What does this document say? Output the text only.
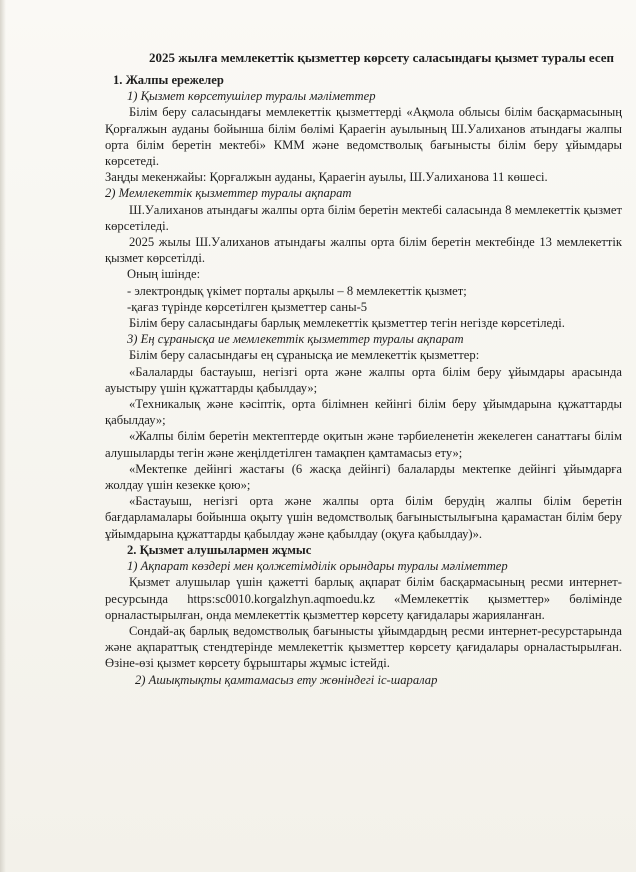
2025 жылға мемлекеттік қызметтер көрсету саласындағы қызмет туралы есеп
1. Жалпы ережелер
1) Қызмет көрсетушілер туралы мәліметтер

Білім беру саласындағы мемлекеттік қызметтерді «Ақмола облысы білім басқармасының Қорғалжын ауданы бойынша білім бөлімі Қараегін ауылының Ш.Уалиханов атындағы жалпы орта білім беретін мектебі» КММ және ведомстволық бағынысты білім беру ұйымдары көрсетеді.

Заңды мекенжайы: Қорғалжын ауданы, Қараегін ауылы, Ш.Уалиханова 11 көшесі.

2) Мемлекеттік қызметтер туралы ақпарат

Ш.Уалиханов атындағы жалпы орта білім беретін мектебі саласында 8 мемлекеттік қызмет көрсетіледі.

2025 жылы Ш.Уалиханов атындағы жалпы орта білім беретін мектебінде 13 мемлекеттік қызмет көрсетілді.

Оның ішінде:

- электрондық үкімет порталы арқылы – 8 мемлекеттік қызмет;

-қағаз түрінде көрсетілген қызметтер саны-5

Білім беру саласындағы барлық мемлекеттік қызметтер тегін негізде көрсетіледі.

3) Ең сұранысқа ие мемлекеттік қызметтер туралы ақпарат

Білім беру саласындағы ең сұранысқа ие мемлекеттік қызметтер:

«Балаларды бастауыш, негізгі орта және жалпы орта білім беру ұйымдары арасында ауыстыру үшін құжаттарды қабылдау»;

«Техникалық және кәсіптік, орта білімнен кейінгі білім беру ұйымдарына құжаттарды қабылдау»;

«Жалпы білім беретін мектептерде оқитын және тәрбиеленетін жекелеген санаттағы білім алушыларды тегін және жеңілдетілген тамақпен қамтамасыз ету»;

«Мектепке дейінгі жастағы (6 жасқа дейінгі) балаларды мектепке дейінгі ұйымдарға жолдау үшін кезекке қою»;

«Бастауыш, негізгі орта және жалпы орта білім берудің жалпы білім беретін бағдарламалары бойынша оқыту үшін ведомстволық бағыныстылығына қарамастан білім беру ұйымдарына құжаттарды қабылдау және қабылдау (оқуға қабылдау)».

2. Қызмет алушылармен жұмыс
1) Ақпарат көздері мен қолжетімділік орындары туралы мәліметтер

Қызмет алушылар үшін қажетті барлық ақпарат білім басқармасының ресми интернет-ресурсында https:sc0010.korgalzhyn.aqmoedu.kz «Мемлекеттік қызметтер» бөлімінде орналастырылған, онда мемлекеттік қызметтер көрсету қағидалары жарияланған.

Сондай-ақ барлық ведомстволық бағынысты ұйымдардың ресми интернет-ресурстарында және ақпараттық стендтерінде мемлекеттік қызметтер көрсету қағидалары орналастырылған. Өзіне-өзі қызмет көрсету бұрыштары жұмыс істейді.

2) Ашықтықты қамтамасыз ету жөніндегі іс-шаралар
